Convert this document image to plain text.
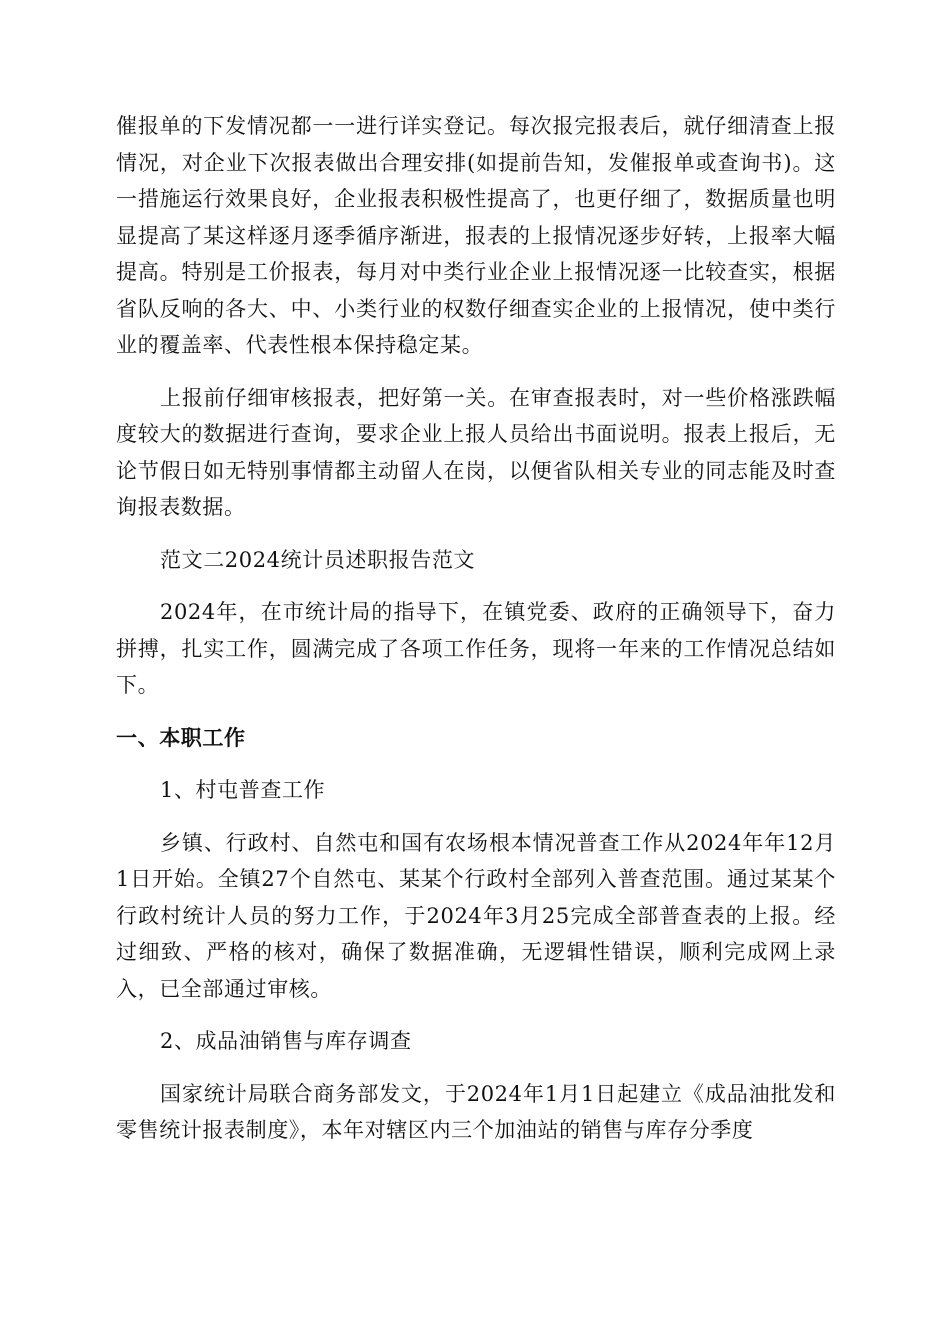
催报单的下发情况都一一进行详实登记。每次报完报表后，就仔细清查上报情况，对企业下次报表做出合理安排(如提前告知，发催报单或查询书)。这一措施运行效果良好，企业报表积极性提高了，也更仔细了，数据质量也明显提高了某这样逐月逐季循序渐进，报表的上报情况逐步好转，上报率大幅提高。特别是工价报表，每月对中类行业企业上报情况逐一比较查实，根据省队反响的各大、中、小类行业的权数仔细查实企业的上报情况，使中类行业的覆盖率、代表性根本保持稳定某。

上报前仔细审核报表，把好第一关。在审查报表时，对一些价格涨跌幅度较大的数据进行查询，要求企业上报人员给出书面说明。报表上报后，无论节假日如无特别事情都主动留人在岗，以便省队相关专业的同志能及时查询报表数据。

范文二2024统计员述职报告范文

2024年，在市统计局的指导下，在镇党委、政府的正确领导下，奋力拼搏，扎实工作，圆满完成了各项工作任务，现将一年来的工作情况总结如下。

一、本职工作

1、村屯普查工作

乡镇、行政村、自然屯和国有农场根本情况普查工作从2024年年12月1日开始。全镇27个自然屯、某某个行政村全部列入普查范围。通过某某个行政村统计人员的努力工作，于2024年3月25完成全部普查表的上报。经过细致、严格的核对，确保了数据准确，无逻辑性错误，顺利完成网上录入，已全部通过审核。

2、成品油销售与库存调查

国家统计局联合商务部发文，于2024年1月1日起建立《成品油批发和零售统计报表制度》，本年对辖区内三个加油站的销售与库存分季度
